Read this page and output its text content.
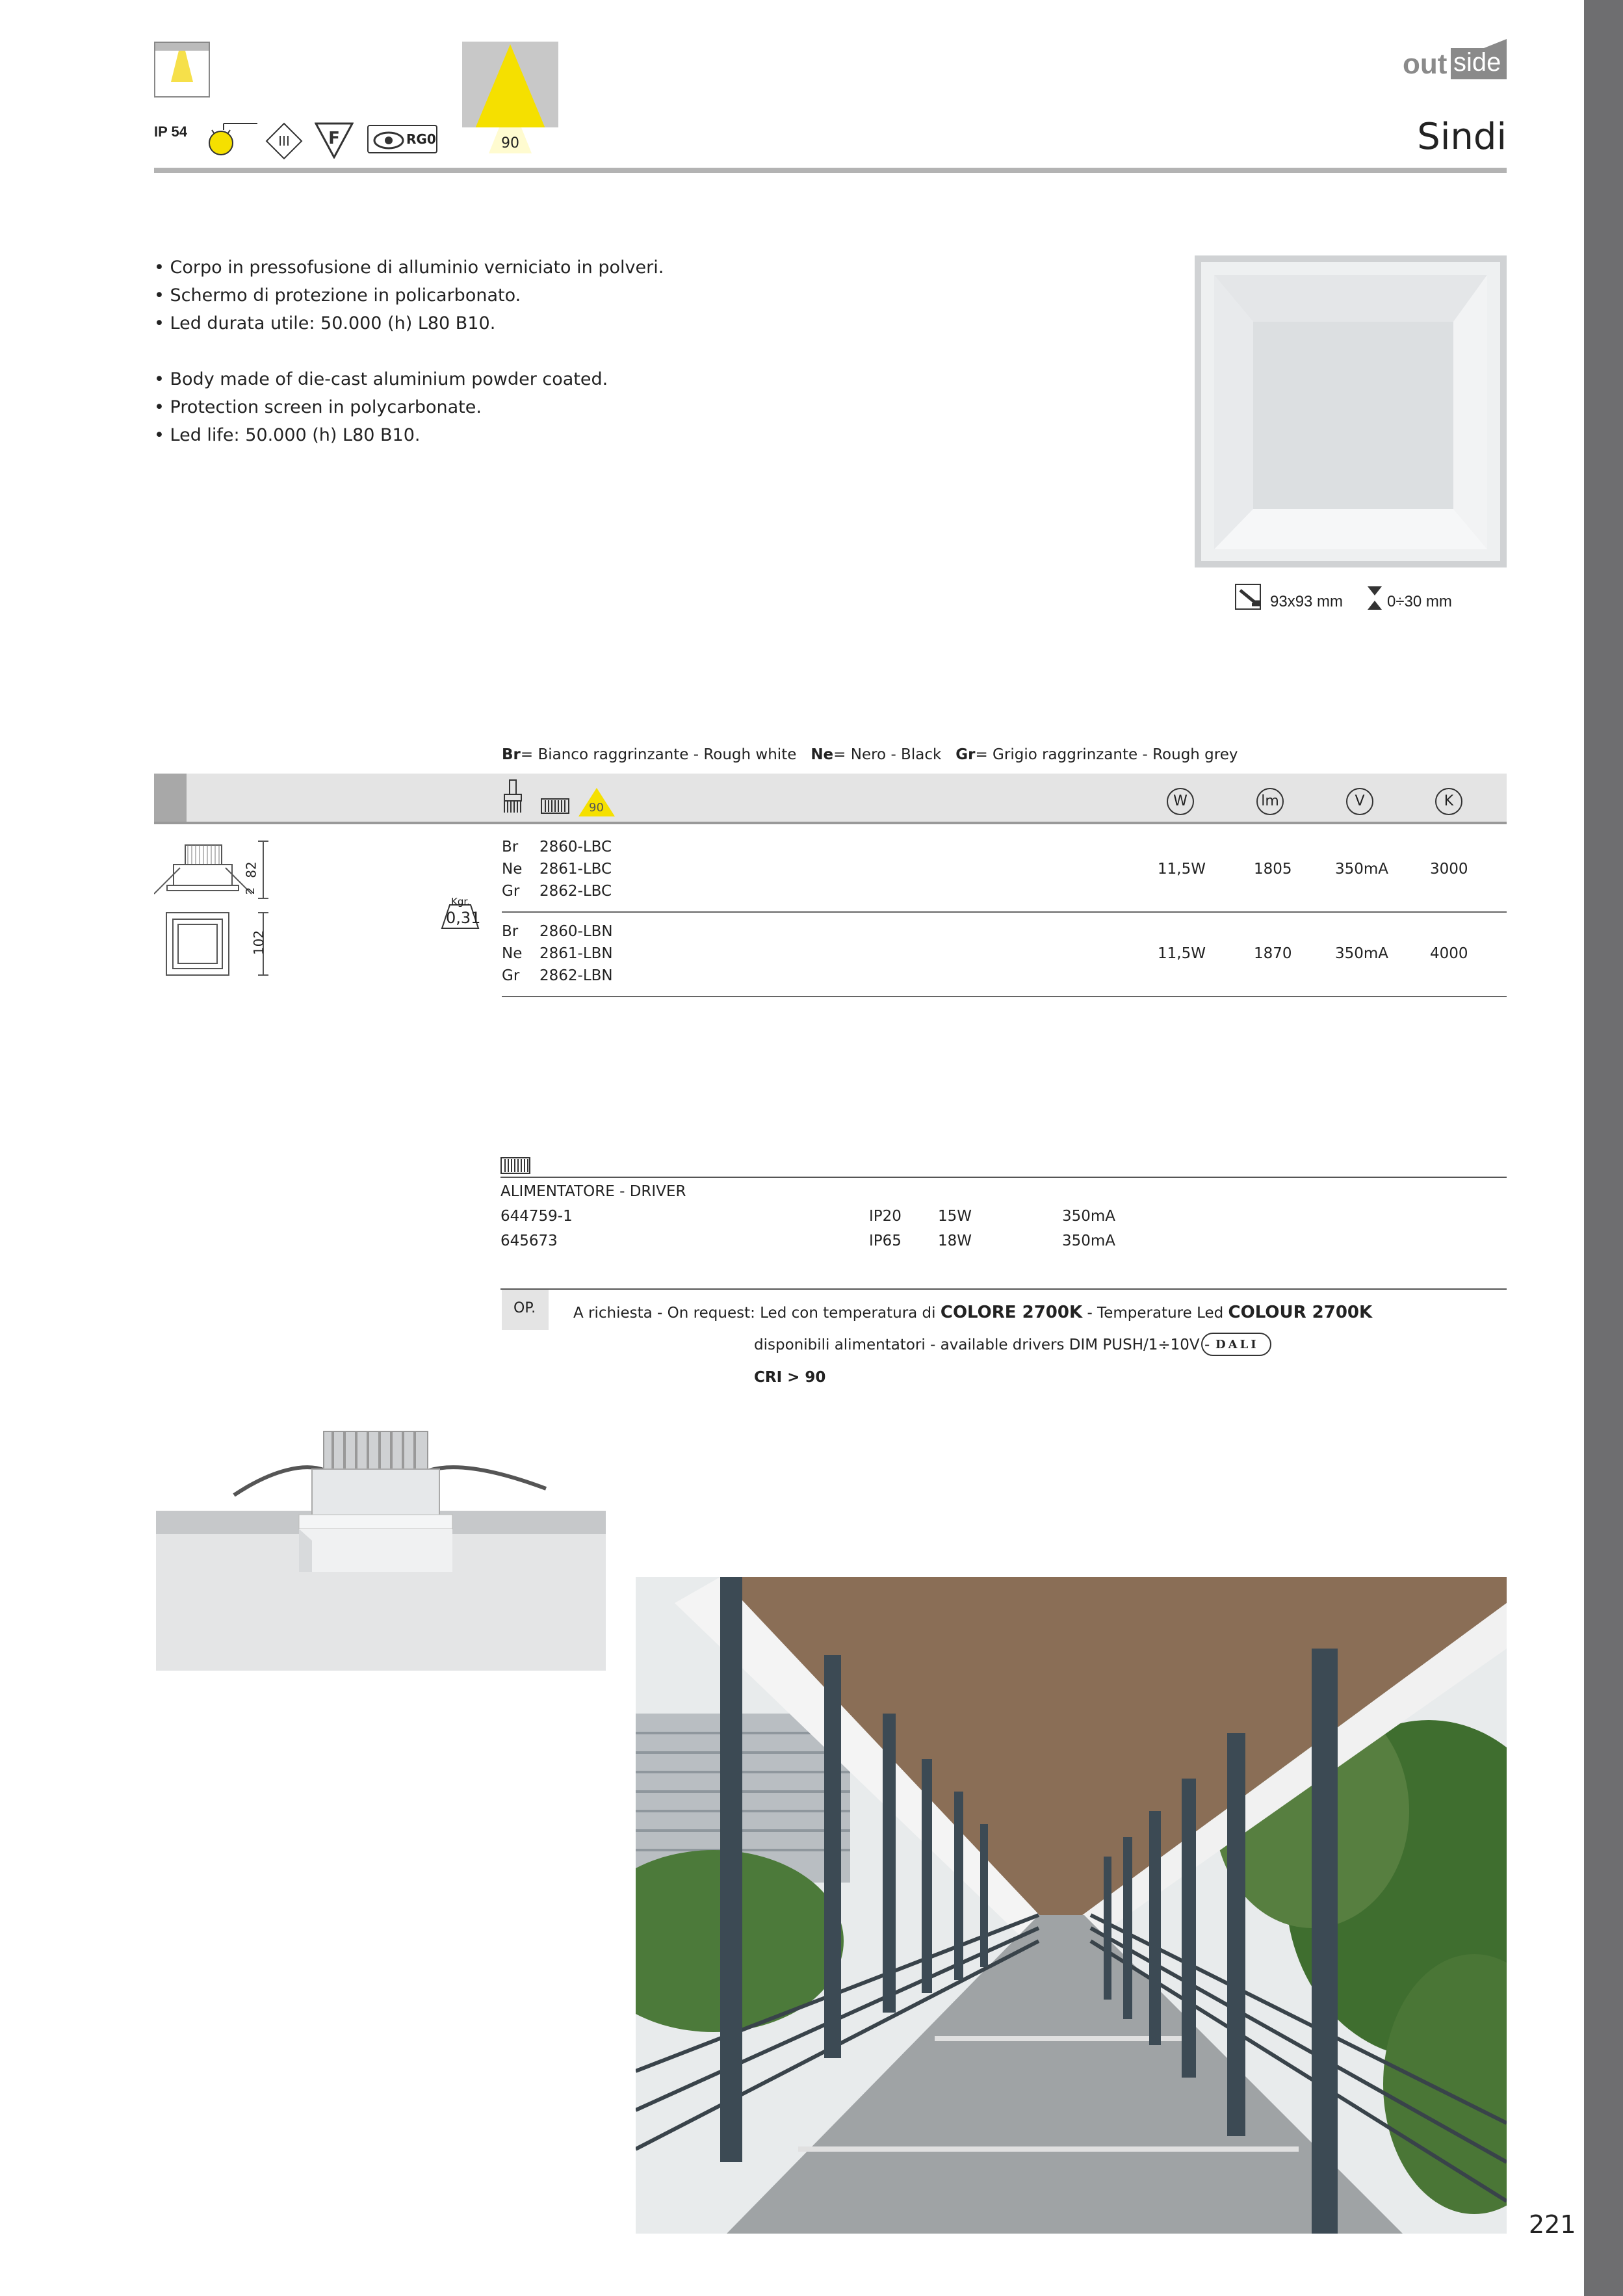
IP 54
III F	RG0	90
out side
Sindi
• Corpo in pressofusione di alluminio verniciato in polveri.
• Schermo di protezione in policarbonato.
• Led durata utile: 50.000 (h) L80 B10.
• Body made of die-cast aluminium powder coated.
• Protection screen in polycarbonate.
• Led life: 50.000 (h) L80 B10.
93x93 mm	0÷30 mm
Br= Bianco raggrinzante - Rough white Ne= Nero - Black Gr= Grigio raggrinzante - Rough grey
90	W	lm	V	K
82
2
102
Kgr.
0,31
Br 2860-LBC
Ne 2861-LBC
Gr 2862-LBC
11,5W	1805	350mA	3000
Br 2860-LBN
Ne 2861-LBN
Gr 2862-LBN
11,5W	1870	350mA	4000
ALIMENTATORE - DRIVER
644759-1	IP20 15W	350mA
645673	IP65 18W	350mA
OP.	A richiesta - On request: Led con temperatura di COLORE 2700K - Temperature Led COLOUR 2700K
disponibili alimentatori - available drivers DIM PUSH/1÷10V - DALI
CRI > 90
221
